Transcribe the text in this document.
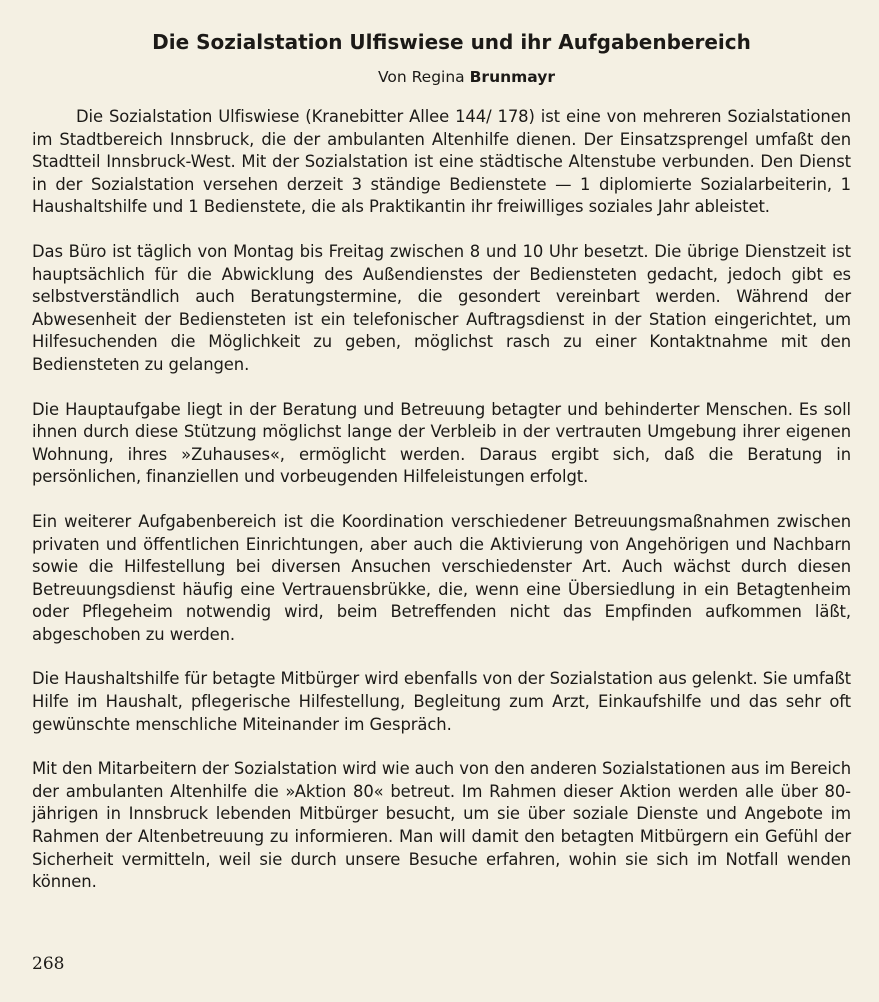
Die Sozialstation Ulfiswiese und ihr Aufgabenbereich

Von Regina Brunmayr

Die Sozialstation Ulfiswiese (Kranebitter Allee 144/ 178) ist eine von mehreren Sozialstationen im Stadtbereich Innsbruck, die der ambulanten Altenhilfe dienen. Der Einsatzsprengel umfaßt den Stadtteil Innsbruck-West. Mit der Sozialstation ist eine städtische Altenstube verbunden. Den Dienst in der Sozialstation versehen derzeit 3 ständige Bedienstete — 1 diplomierte Sozialarbeiterin, 1 Haushaltshilfe und 1 Bedienstete, die als Praktikantin ihr freiwilliges soziales Jahr ableistet.

Das Büro ist täglich von Montag bis Freitag zwischen 8 und 10 Uhr besetzt. Die übrige Dienstzeit ist hauptsächlich für die Abwicklung des Außendienstes der Bediensteten gedacht, jedoch gibt es selbstverständlich auch Beratungstermine, die gesondert vereinbart werden. Während der Abwesenheit der Bediensteten ist ein telefonischer Auftragsdienst in der Station eingerichtet, um Hilfesuchenden die Möglichkeit zu geben, möglichst rasch zu einer Kontaktnahme mit den Bediensteten zu gelangen.

Die Hauptaufgabe liegt in der Beratung und Betreuung betagter und behinderter Menschen. Es soll ihnen durch diese Stützung möglichst lange der Verbleib in der vertrauten Umgebung ihrer eigenen Wohnung, ihres »Zuhauses«, ermöglicht werden. Daraus ergibt sich, daß die Beratung in persönlichen, finanziellen und vorbeugenden Hilfeleistungen erfolgt.

Ein weiterer Aufgabenbereich ist die Koordination verschiedener Betreuungsmaßnahmen zwischen privaten und öffentlichen Einrichtungen, aber auch die Aktivierung von Angehörigen und Nachbarn sowie die Hilfestellung bei diversen Ansuchen verschiedenster Art. Auch wächst durch diesen Betreuungsdienst häufig eine Vertrauensbrükke, die, wenn eine Übersiedlung in ein Betagtenheim oder Pflegeheim notwendig wird, beim Betreffenden nicht das Empfinden aufkommen läßt, abgeschoben zu werden.

Die Haushaltshilfe für betagte Mitbürger wird ebenfalls von der Sozialstation aus gelenkt. Sie umfaßt Hilfe im Haushalt, pflegerische Hilfestellung, Begleitung zum Arzt, Einkaufshilfe und das sehr oft gewünschte menschliche Miteinander im Gespräch.

Mit den Mitarbeitern der Sozialstation wird wie auch von den anderen Sozialstationen aus im Bereich der ambulanten Altenhilfe die »Aktion 80« betreut. Im Rahmen dieser Aktion werden alle über 80-jährigen in Innsbruck lebenden Mitbürger besucht, um sie über soziale Dienste und Angebote im Rahmen der Altenbetreuung zu informieren. Man will damit den betagten Mitbürgern ein Gefühl der Sicherheit vermitteln, weil sie durch unsere Besuche erfahren, wohin sie sich im Notfall wenden können.

268
